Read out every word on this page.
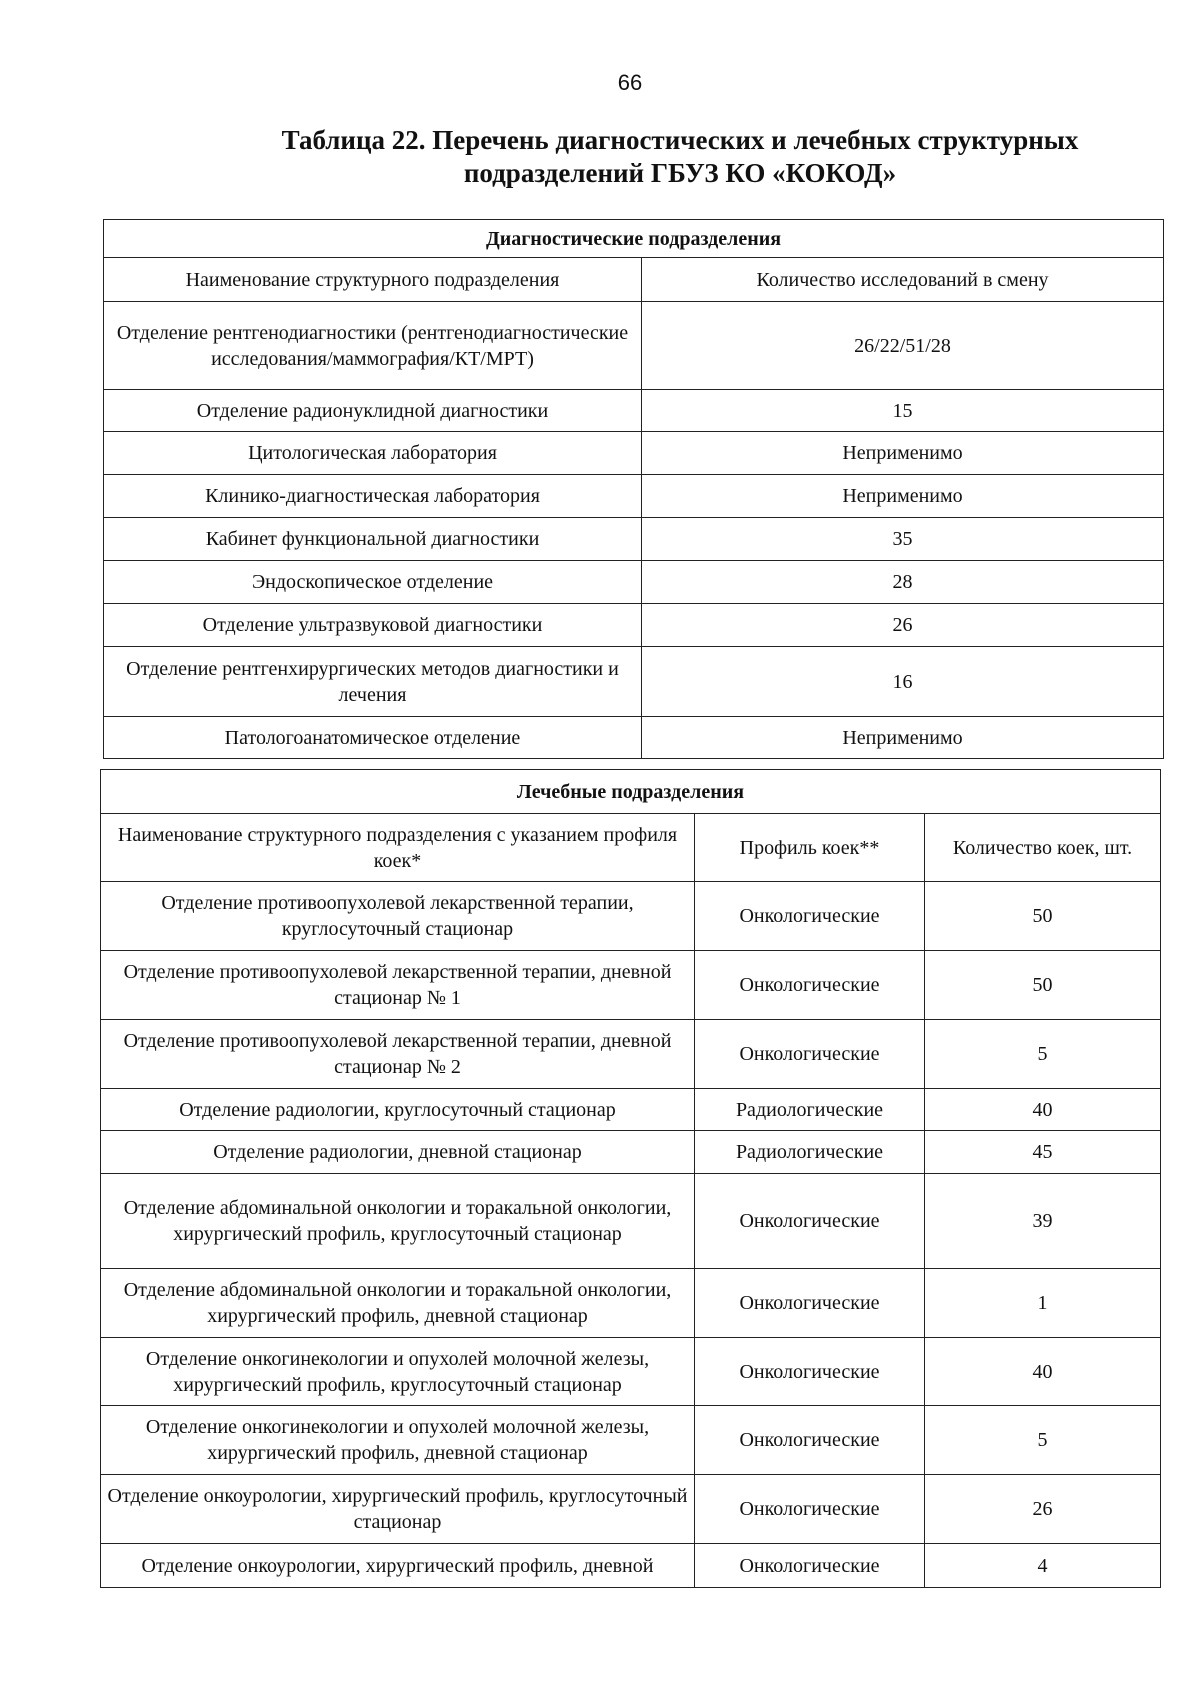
66
Таблица 22. Перечень диагностических и лечебных структурных
подразделений ГБУЗ КО «КОКОД»
Диагностические подразделения	
Наименование структурного подразделения	Количество исследований в смену
Отделение рентгенодиагностики (рентгенодиагностические исследования/маммография/КТ/МРТ)	26/22/51/28
Отделение радионуклидной диагностики	15
Цитологическая лаборатория	Неприменимо
Клинико-диагностическая лаборатория	Неприменимо
Кабинет функциональной диагностики	35
Эндоскопическое отделение	28
Отделение ультразвуковой диагностики	26
Отделение рентгенхирургических методов диагностики и лечения	16
Патологоанатомическое отделение	Неприменимо
Лечебные подразделения		
Наименование структурного подразделения с указанием профиля коек*	Профиль коек**	Количество коек, шт.
Отделение противоопухолевой лекарственной терапии, круглосуточный стационар	Онкологические	50
Отделение противоопухолевой лекарственной терапии, дневной стационар № 1	Онкологические	50
Отделение противоопухолевой лекарственной терапии, дневной стационар № 2	Онкологические	5
Отделение радиологии, круглосуточный стационар	Радиологические	40
Отделение радиологии, дневной стационар	Радиологические	45
Отделение абдоминальной онкологии и торакальной онкологии, хирургический профиль, круглосуточный стационар	Онкологические	39
Отделение абдоминальной онкологии и торакальной онкологии, хирургический профиль, дневной стационар	Онкологические	1
Отделение онкогинекологии и опухолей молочной железы, хирургический профиль, круглосуточный стационар	Онкологические	40
Отделение онкогинекологии и опухолей молочной железы, хирургический профиль, дневной стационар	Онкологические	5
Отделение онкоурологии, хирургический профиль, круглосуточный стационар	Онкологические	26
Отделение онкоурологии, хирургический профиль, дневной	Онкологические	4
